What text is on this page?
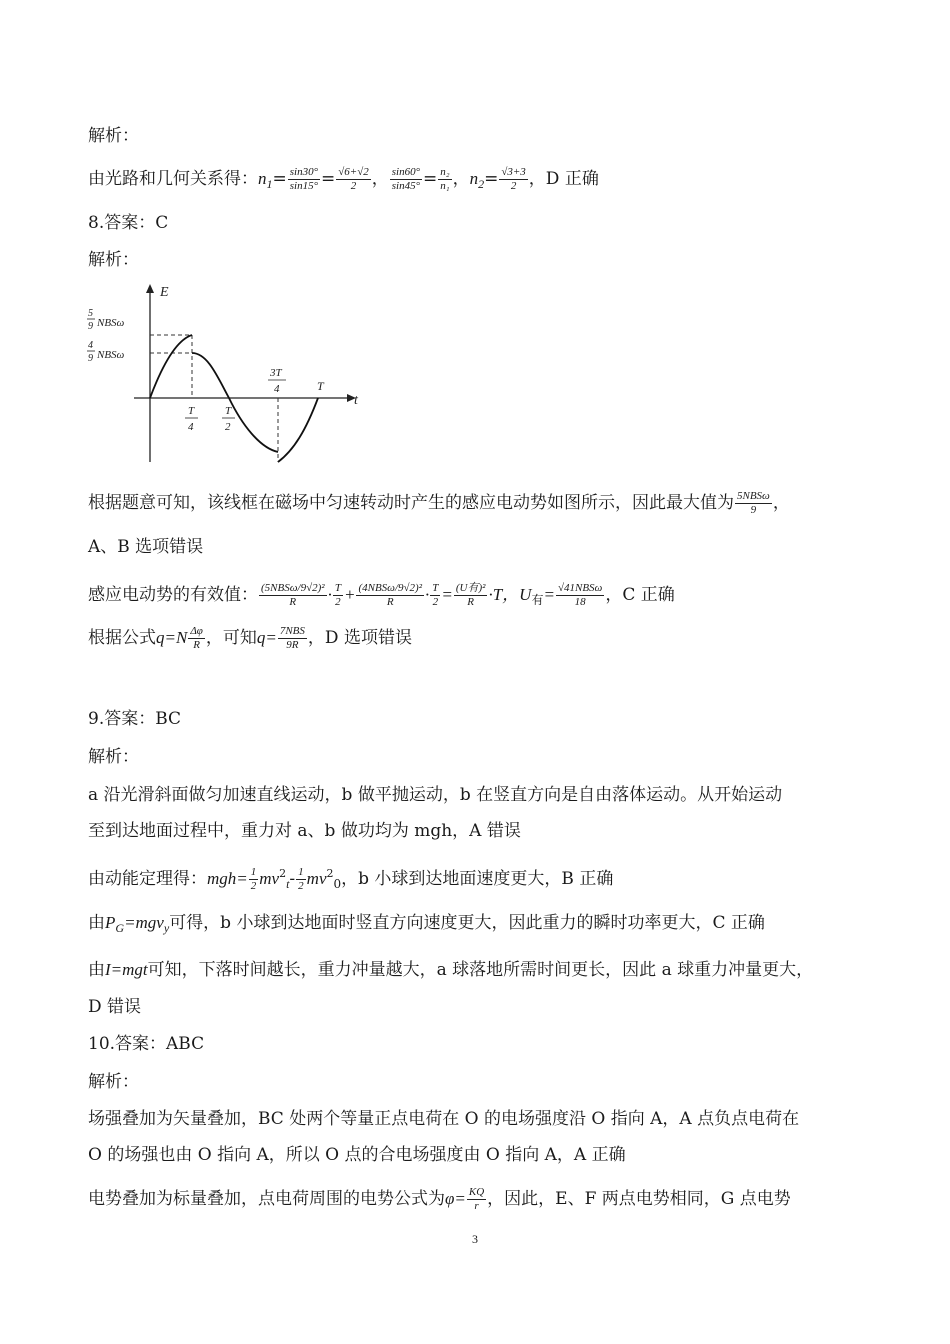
解析：
由光路和几何关系得：$n_1= \frac{\sin 30^\circ}{\sin 15^\circ} = \frac{√6+√2}{2}$ ， $\frac{\sin 60^\circ}{\sin 45^\circ} = \frac{\text{n₂}}{\text{n₁}}$ ，$n_2= \frac{√3+3}{2}$ ，D 正确
8.答案：C
解析：
E
t
5
9 NBSω
4
9 NBSω
T
4
T
2
3T
4	T
根据题意可知，该线框在磁场中匀速转动时产生的感应电动势如图所示，因此最大值为 $\frac{\text{5NBSω}}{9}$ ，
A、B 选项错误
感应电动势的有效值： $\frac{\text{(5NBSω/9√2)²}}{R} \cdot \frac{T}{2} + \frac{\text{(4NBSω/9√2)²}}{R} \cdot \frac{T}{2} = \frac{\text{(U有)²}}{R} \cdot T$，$U_有= \frac{\text{√41NBSω}}{18}$ ，C 正确
根据公式$q=N \frac{\Delta\varphi}{R}$ ，可知$q= \frac{\text{7NBS}}{9R}$ ，D 选项错误
9.答案：BC
解析：
a 沿光滑斜面做匀加速直线运动，b 做平抛运动，b 在竖直方向是自由落体运动。从开始运动
至到达地面过程中，重力对 a、b 做功均为 mgh，A 错误
由动能定理得：$mgh= \frac{1}{2} mv^2_t- \frac{1}{2} mv^2_0$，b 小球到达地面速度更大，B 正确
由$P_G=mgv_y$可得，b 小球到达地面时竖直方向速度更大，因此重力的瞬时功率更大，C 正确
由I=mgt可知，下落时间越长，重力冲量越大，a 球落地所需时间更长，因此 a 球重力冲量更大，
D 错误
10.答案：ABC
解析：
场强叠加为矢量叠加，BC 处两个等量正点电荷在 O 的电场强度沿 O 指向 A，A 点负点电荷在
O 的场强也由 O 指向 A，所以 O 点的合电场强度由 O 指向 A，A 正确
电势叠加为标量叠加，点电荷周围的电势公式为$\varphi= \frac{KQ}{r}$ ，因此，E、F 两点电势相同，G 点电势
3
